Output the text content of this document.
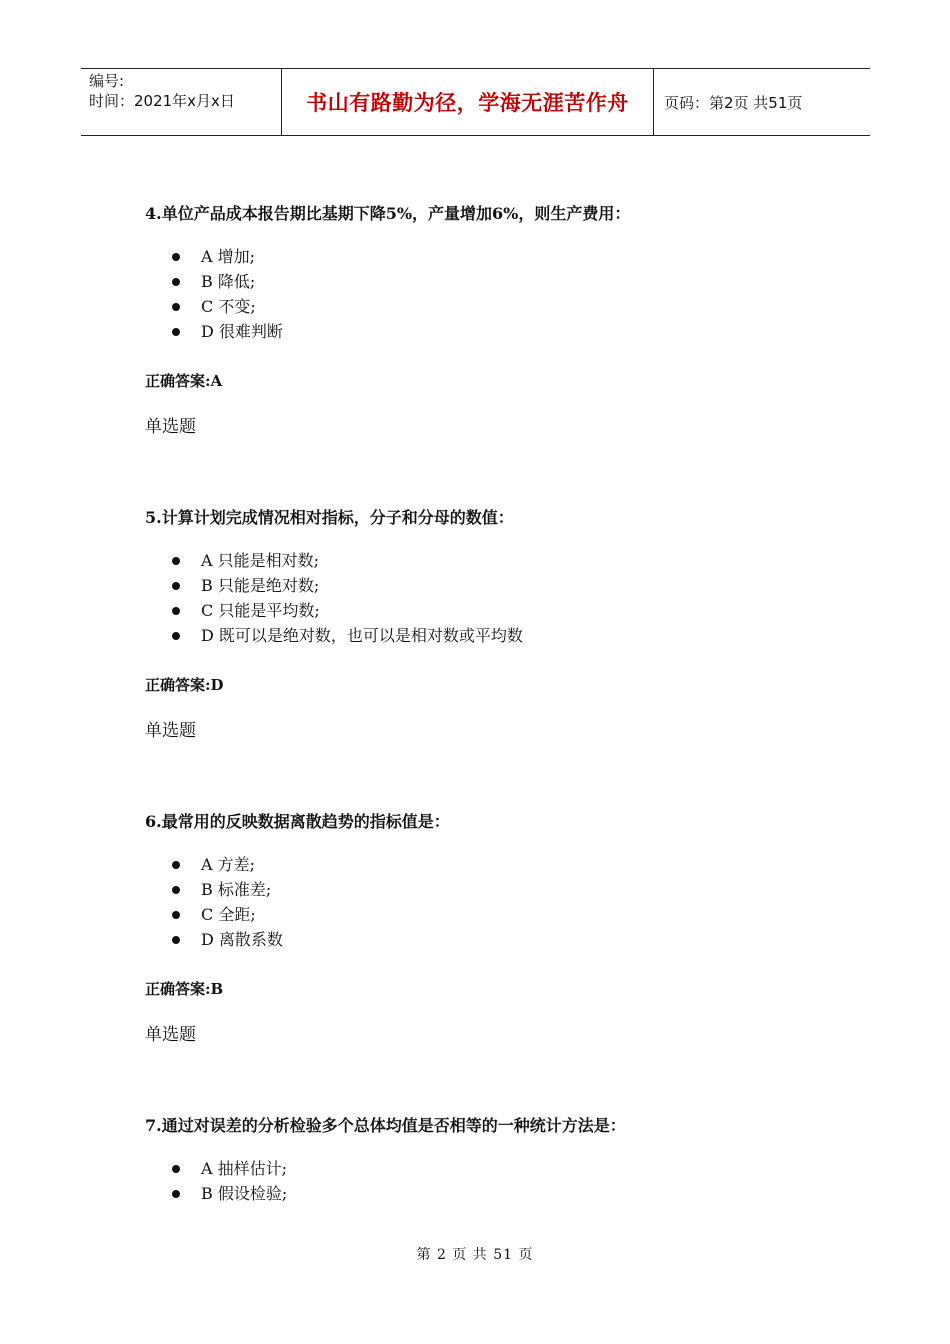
编号:
时间：2021年x月x日	书山有路勤为径，学海无涯苦作舟 页码：第2页 共51页
4.单位产品成本报告期比基期下降5%，产量增加6%，则生产费用：
A 增加;
B 降低;
C 不变;
D 很难判断
正确答案:A
单选题
5.计算计划完成情况相对指标，分子和分母的数值：
A 只能是相对数;
B 只能是绝对数;
C 只能是平均数;
D 既可以是绝对数，也可以是相对数或平均数
正确答案:D
单选题
6.最常用的反映数据离散趋势的指标值是：
A 方差;
B 标准差;
C 全距;
D 离散系数
正确答案:B
单选题
7.通过对误差的分析检验多个总体均值是否相等的一种统计方法是：
A 抽样估计;
B 假设检验;
第 2 页 共 51 页
